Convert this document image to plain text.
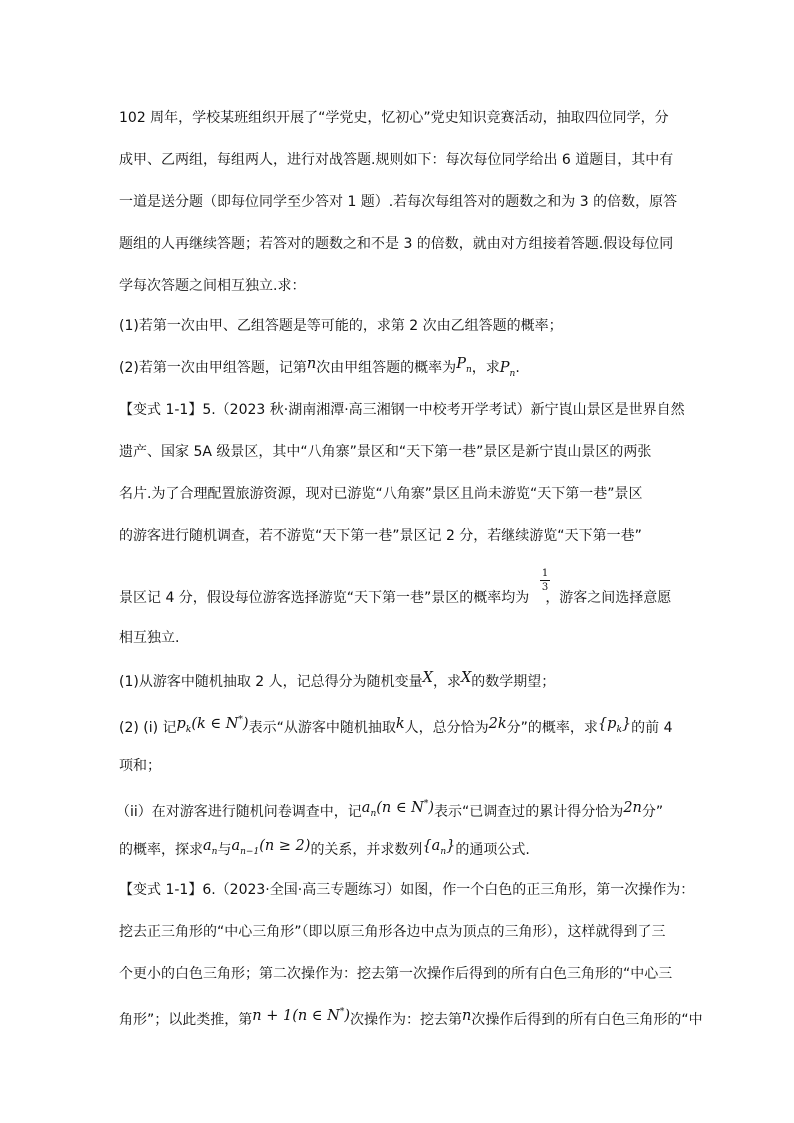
102 周年，学校某班组织开展了“学党史，忆初心”党史知识竞赛活动，抽取四位同学，分
成甲、乙两组，每组两人，进行对战答题.规则如下：每次每位同学给出 6 道题目，其中有
一道是送分题（即每位同学至少答对 1 题）.若每次每组答对的题数之和为 3 的倍数，原答
题组的人再继续答题；若答对的题数之和不是 3 的倍数，就由对方组接着答题.假设每位同
学每次答题之间相互独立.求：
(1)若第一次由甲、乙组答题是等可能的，求第 2 次由乙组答题的概率；
(2)若第一次由甲组答题，记第n次由甲组答题的概率为$P_n$，求$P_n$.
【变式 1-1】5.（2023 秋·湖南湘潭·高三湘钢一中校考开学考试）新宁崀山景区是世界自然
遗产、国家 5A 级景区，其中“八角寨”景区和“天下第一巷”景区是新宁崀山景区的两张
名片.为了合理配置旅游资源，现对已游览“八角寨”景区且尚未游览“天下第一巷”景区
的游客进行随机调查，若不游览“天下第一巷”景区记 2 分，若继续游览“天下第一巷”
景区记 4 分，假设每位游客选择游览“天下第一巷”景区的概率均为 ，游客之间选择意愿
1
3
相互独立.
(1)从游客中随机抽取 2 人，记总得分为随机变量X，求X的数学期望；
(2) (i) 记$p_k(k$ ∈ N*)表示“从游客中随机抽取k人，总分恰为2k分”的概率，求$\{p_k\}$的前 4
项和；
（ii）在对游客进行随机问卷调查中，记$a_n(n$ ∈ N*)表示“已调查过的累计得分恰为2n分”
的概率，探求$a_n$与$a_{n-1}(n \ge 2)$的关系，并求数列$\{a_n\}$的通项公式.
【变式 1-1】6.（2023·全国·高三专题练习）如图，作一个白色的正三角形，第一次操作为：
挖去正三角形的“中心三角形”（即以原三角形各边中点为顶点的三角形），这样就得到了三
个更小的白色三角形；第二次操作为：挖去第一次操作后得到的所有白色三角形的“中心三
角形”；以此类推，第n + 1(n ∈ N*)次操作为：挖去第n次操作后得到的所有白色三角形的“中
